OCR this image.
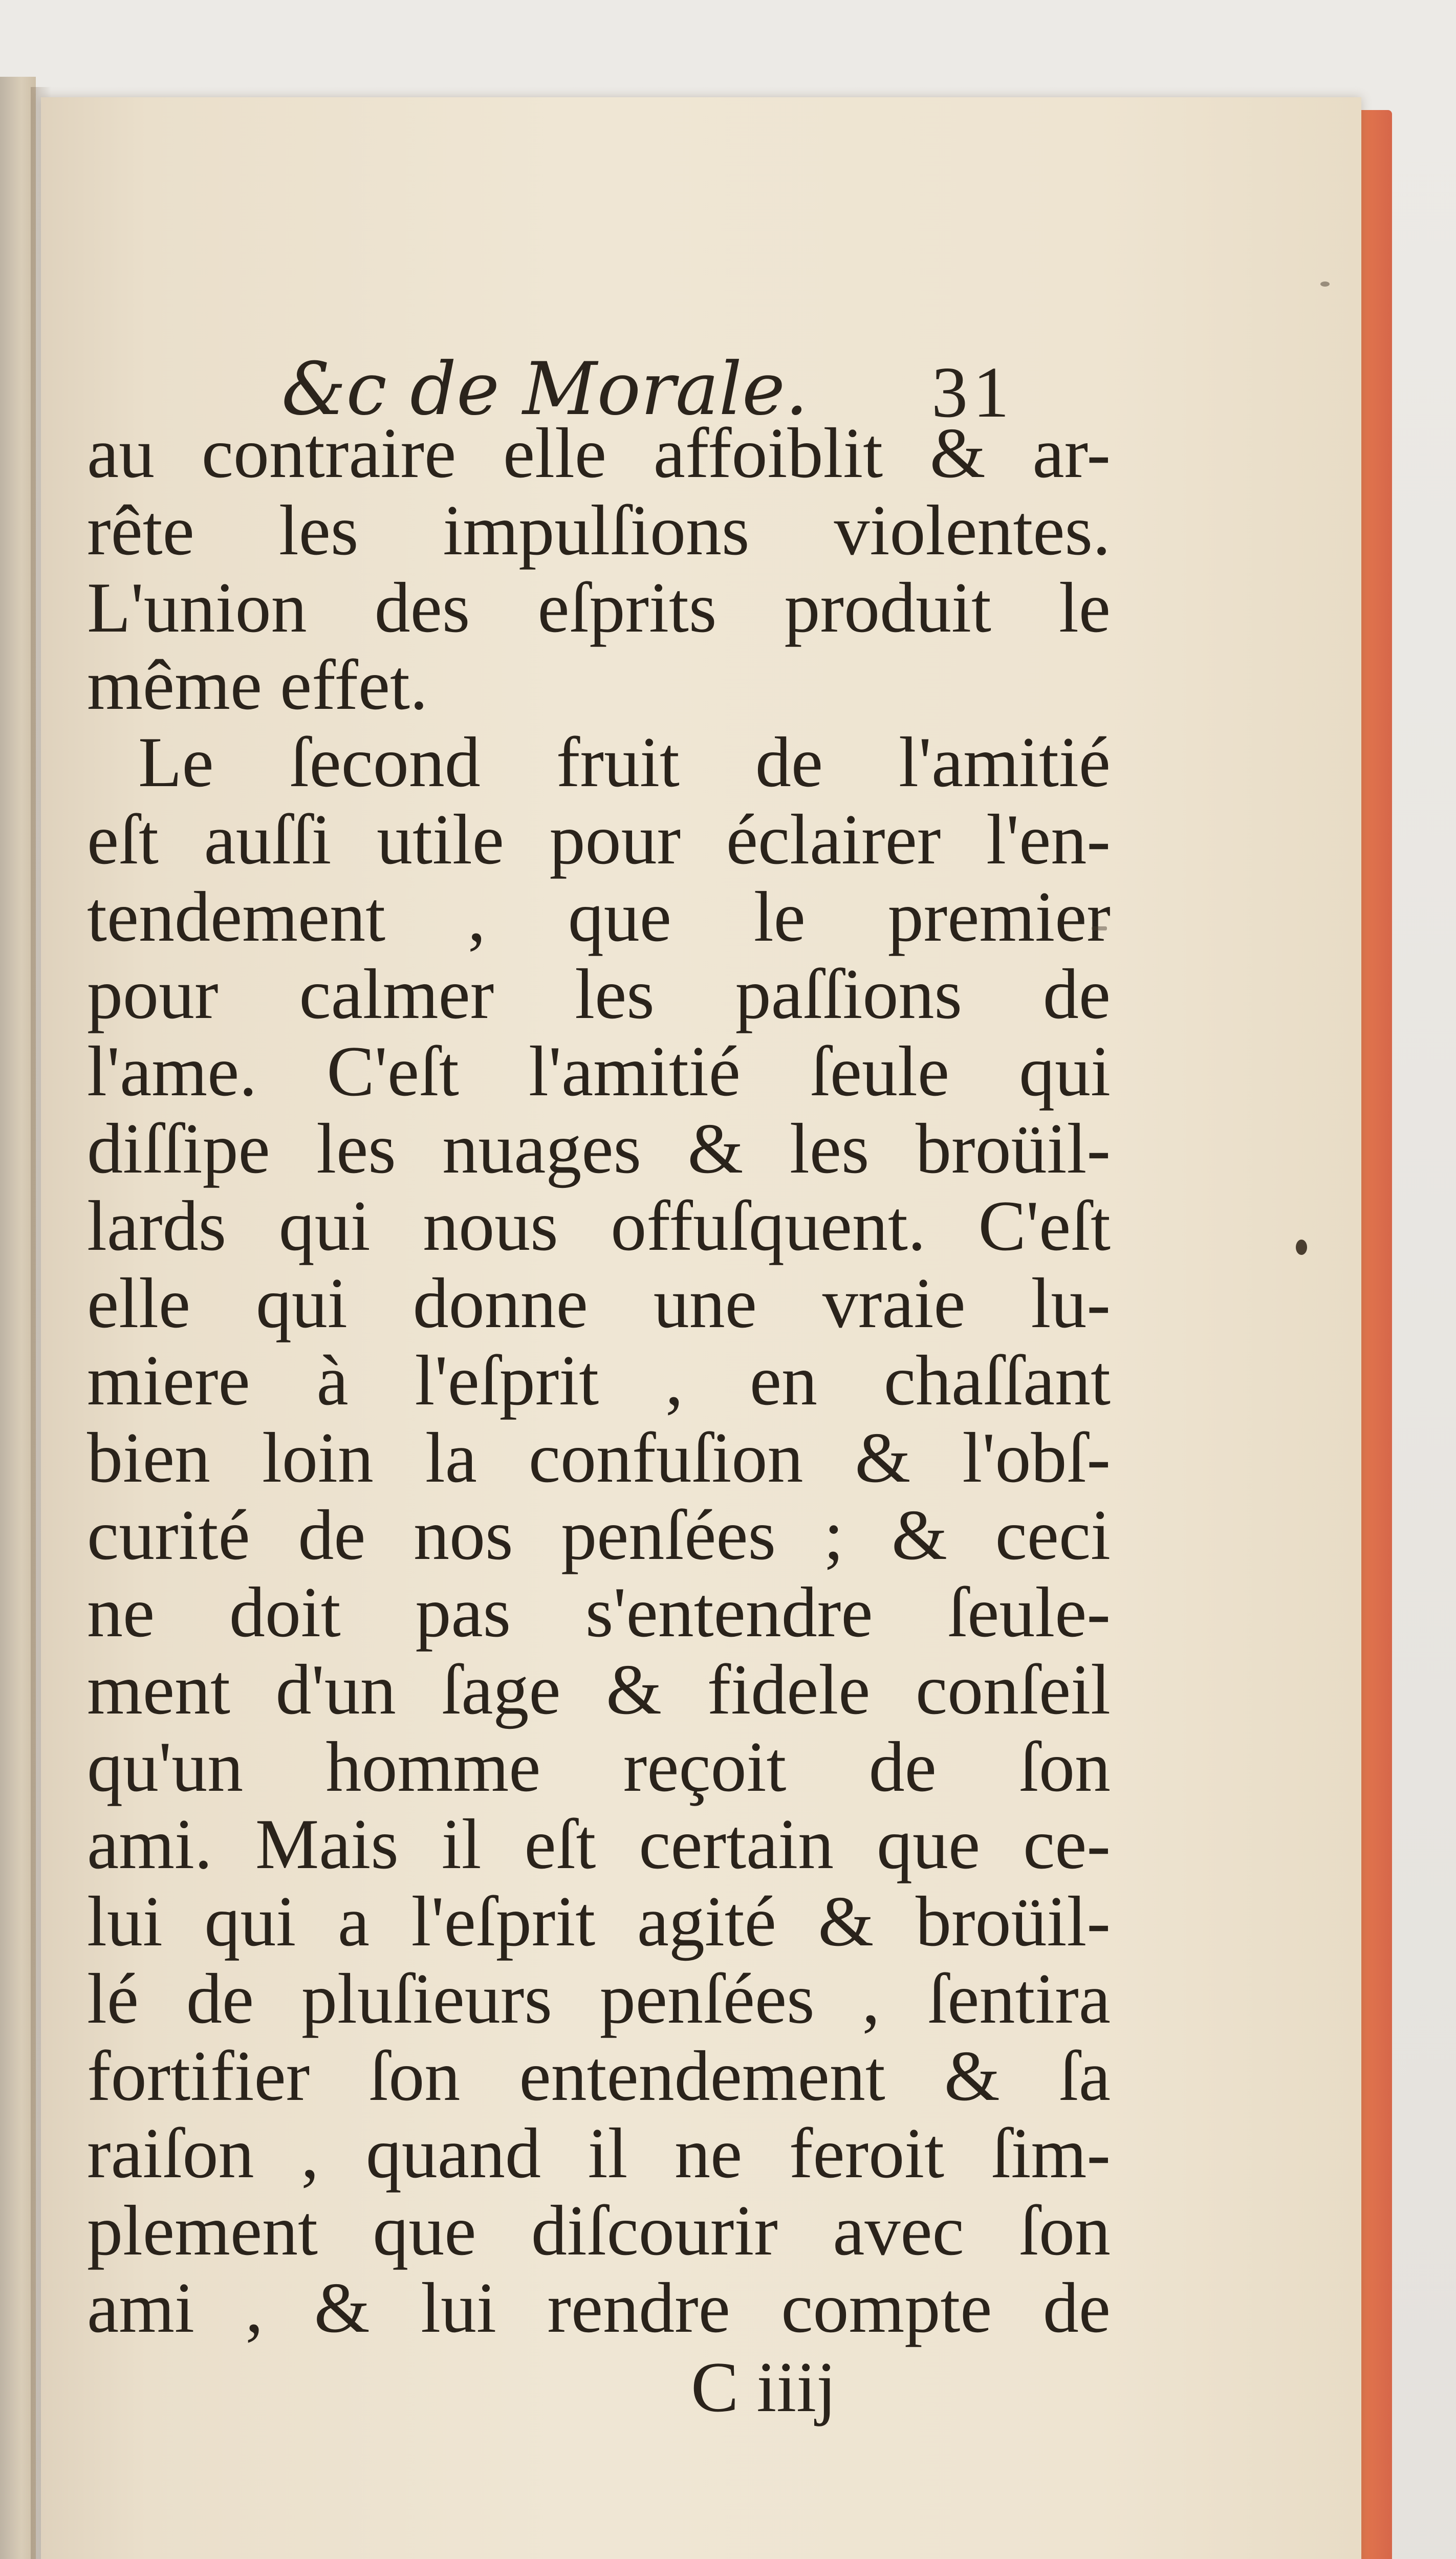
&c de Morale. 31
au contraire elle affoiblit & ar-
rête les impulſions violentes.
L'union des eſprits produit le
même effet.
Le ſecond fruit de l'amitié
eſt auſſi utile pour éclairer l'en-
tendement , que le premier
pour calmer les paſſions de
l'ame. C'eſt l'amitié ſeule qui
diſſipe les nuages & les broüil-
lards qui nous offuſquent. C'eſt
elle qui donne une vraie lu-
miere à l'eſprit , en chaſſant
bien loin la confuſion & l'obſ-
curité de nos penſées ; & ceci
ne doit pas s'entendre ſeule-
ment d'un ſage & fidele conſeil
qu'un homme reçoit de ſon
ami. Mais il eſt certain que ce-
lui qui a l'eſprit agité & broüil-
lé de pluſieurs penſées , ſentira
fortifier ſon entendement & ſa
raiſon , quand il ne feroit ſim-
plement que diſcourir avec ſon
ami , & lui rendre compte de
C iiij
